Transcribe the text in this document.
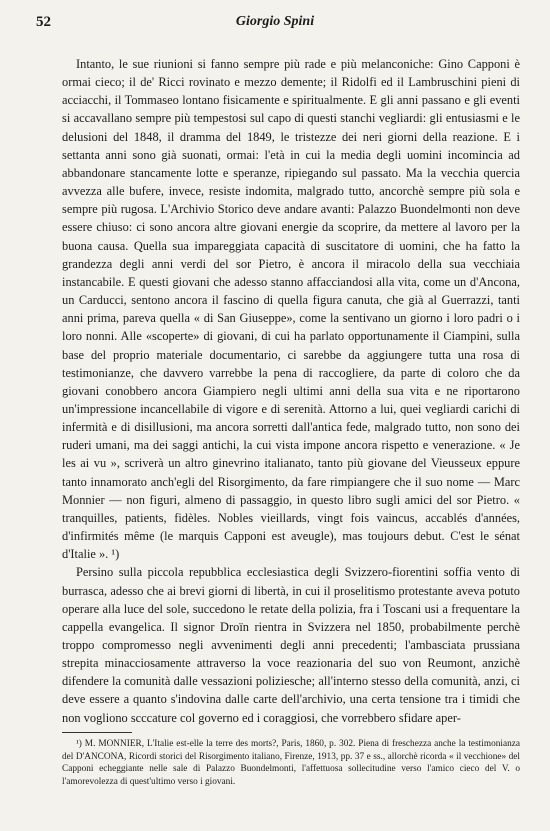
52	Giorgio Spini

Intanto, le sue riunioni si fanno sempre più rade e più melanconiche: Gino Capponi è ormai cieco; il de' Ricci rovinato e mezzo demente; il Ridolfi ed il Lambruschini pieni di acciacchi, il Tommaseo lontano fisicamente e spiritualmente. E gli anni passano e gli eventi si accavallano sempre più tempestosi sul capo di questi stanchi vegliardi: gli entusiasmi e le delusioni del 1848, il dramma del 1849, le tristezze dei neri giorni della reazione. E i settanta anni sono già suonati, ormai: l'età in cui la media degli uomini incomincia ad abbandonare stancamente lotte e speranze, ripiegando sul passato. Ma la vecchia quercia avvezza alle bufere, invece, resiste indomita, malgrado tutto, ancorchè sempre più sola e sempre più rugosa. L'Archivio Storico deve andare avanti: Palazzo Buondelmonti non deve essere chiuso: ci sono ancora altre giovani energie da scoprire, da mettere al lavoro per la buona causa. Quella sua impareggiata capacità di suscitatore di uomini, che ha fatto la grandezza degli anni verdi del sor Pietro, è ancora il miracolo della sua vecchiaia instancabile. E questi giovani che adesso stanno affacciandosi alla vita, come un d'Ancona, un Carducci, sentono ancora il fascino di quella figura canuta, che già al Guerrazzi, tanti anni prima, pareva quella « di San Giuseppe», come la sentivano un giorno i loro padri o i loro nonni. Alle «scoperte» di giovani, di cui ha parlato opportunamente il Ciampini, sulla base del proprio materiale documentario, ci sarebbe da aggiungere tutta una rosa di testimonianze, che davvero varrebbe la pena di raccogliere, da parte di coloro che da giovani conobbero ancora Giampiero negli ultimi anni della sua vita e ne riportarono un'impressione incancellabile di vigore e di serenità. Attorno a lui, quei vegliardi carichi di infermità e di disillusioni, ma ancora sorretti dall'antica fede, malgrado tutto, non sono dei ruderi umani, ma dei saggi antichi, la cui vista impone ancora rispetto e venerazione. « Je les ai vu », scriverà un altro ginevrino italianato, tanto più giovane del Vieusseux eppure tanto innamorato anch'egli del Risorgimento, da fare rimpiangere che il suo nome — Marc Monnier — non figuri, almeno di passaggio, in questo libro sugli amici del sor Pietro. « tranquilles, patients, fidèles. Nobles vieillards, vingt fois vaincus, accablés d'années, d'infirmités même (le marquis Capponi est aveugle), mas toujours debut. C'est le sénat d'Italie ». ¹)

Persino sulla piccola repubblica ecclesiastica degli Svizzero-fiorentini soffia vento di burrasca, adesso che ai brevi giorni di libertà, in cui il proselitismo protestante aveva potuto operare alla luce del sole, succedono le retate della polizia, fra i Toscani usi a frequentare la cappella evangelica. Il signor Droïn rientra in Svizzera nel 1850, probabilmente perchè troppo compromesso negli avvenimenti degli anni precedenti; l'ambasciata prussiana strepita minacciosamente attraverso la voce reazionaria del suo von Reumont, anzichè difendere la comunità dalle vessazioni poliziesche; all'interno stesso della comunità, anzi, ci deve essere a quanto s'indovina dalle carte dell'archivio, una certa tensione tra i timidi che non vogliono scccature col governo ed i coraggiosi, che vorrebbero sfidare aper-

¹) M. MONNIER, L'Italie est-elle la terre des morts?, Paris, 1860, p. 302. Piena di freschezza anche la testimonianza del D'ANCONA, Ricordi storici del Risorgimento italiano, Firenze, 1913, pp. 37 e ss., allorchè ricorda « il vecchione» del Capponi echeggiante nelle sale di Palazzo Buondelmonti, l'affettuosa sollecitudine verso l'amico cieco del V. o l'amorevolezza di quest'ultimo verso i giovani.
